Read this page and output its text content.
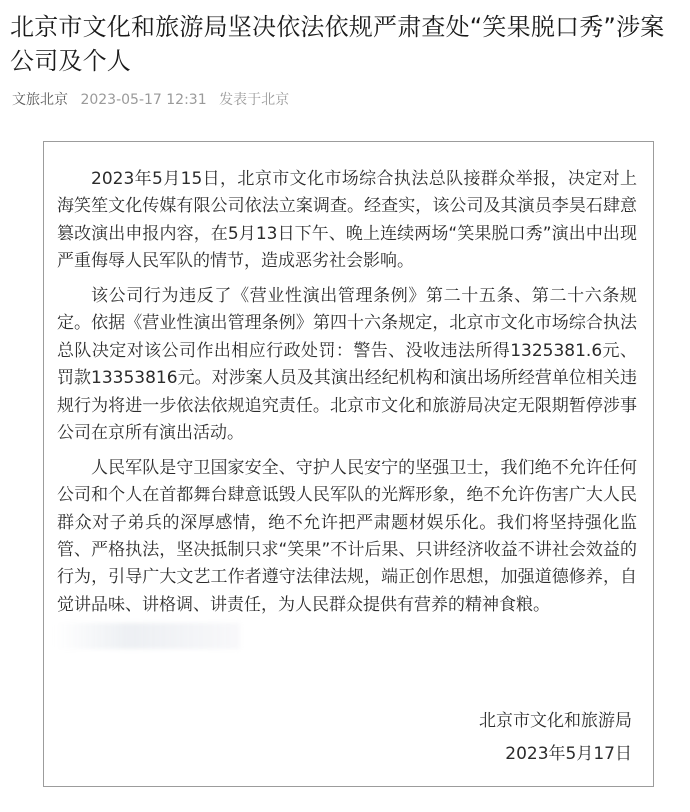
北京市文化和旅游局坚决依法依规严肃查处“笑果脱口秀”涉案公司及个人
文旅北京 2023-05-17 12:31 发表于北京

2023年5月15日，北京市文化市场综合执法总队接群众举报，决定对上海笑笙文化传媒有限公司依法立案调查。经查实，该公司及其演员李昊石肆意篡改演出申报内容，在5月13日下午、晚上连续两场“笑果脱口秀”演出中出现严重侮辱人民军队的情节，造成恶劣社会影响。

该公司行为违反了《营业性演出管理条例》第二十五条、第二十六条规定。依据《营业性演出管理条例》第四十六条规定，北京市文化市场综合执法总队决定对该公司作出相应行政处罚：警告、没收违法所得1325381.6元、罚款13353816元。对涉案人员及其演出经纪机构和演出场所经营单位相关违规行为将进一步依法依规追究责任。北京市文化和旅游局决定无限期暂停涉事公司在京所有演出活动。

人民军队是守卫国家安全、守护人民安宁的坚强卫士，我们绝不允许任何公司和个人在首都舞台肆意诋毁人民军队的光辉形象，绝不允许伤害广大人民群众对子弟兵的深厚感情，绝不允许把严肃题材娱乐化。我们将坚持强化监管、严格执法，坚决抵制只求“笑果”不计后果、只讲经济收益不讲社会效益的行为，引导广大文艺工作者遵守法律法规，端正创作思想，加强道德修养，自觉讲品味、讲格调、讲责任，为人民群众提供有营养的精神食粮。

北京市文化和旅游局
2023年5月17日
